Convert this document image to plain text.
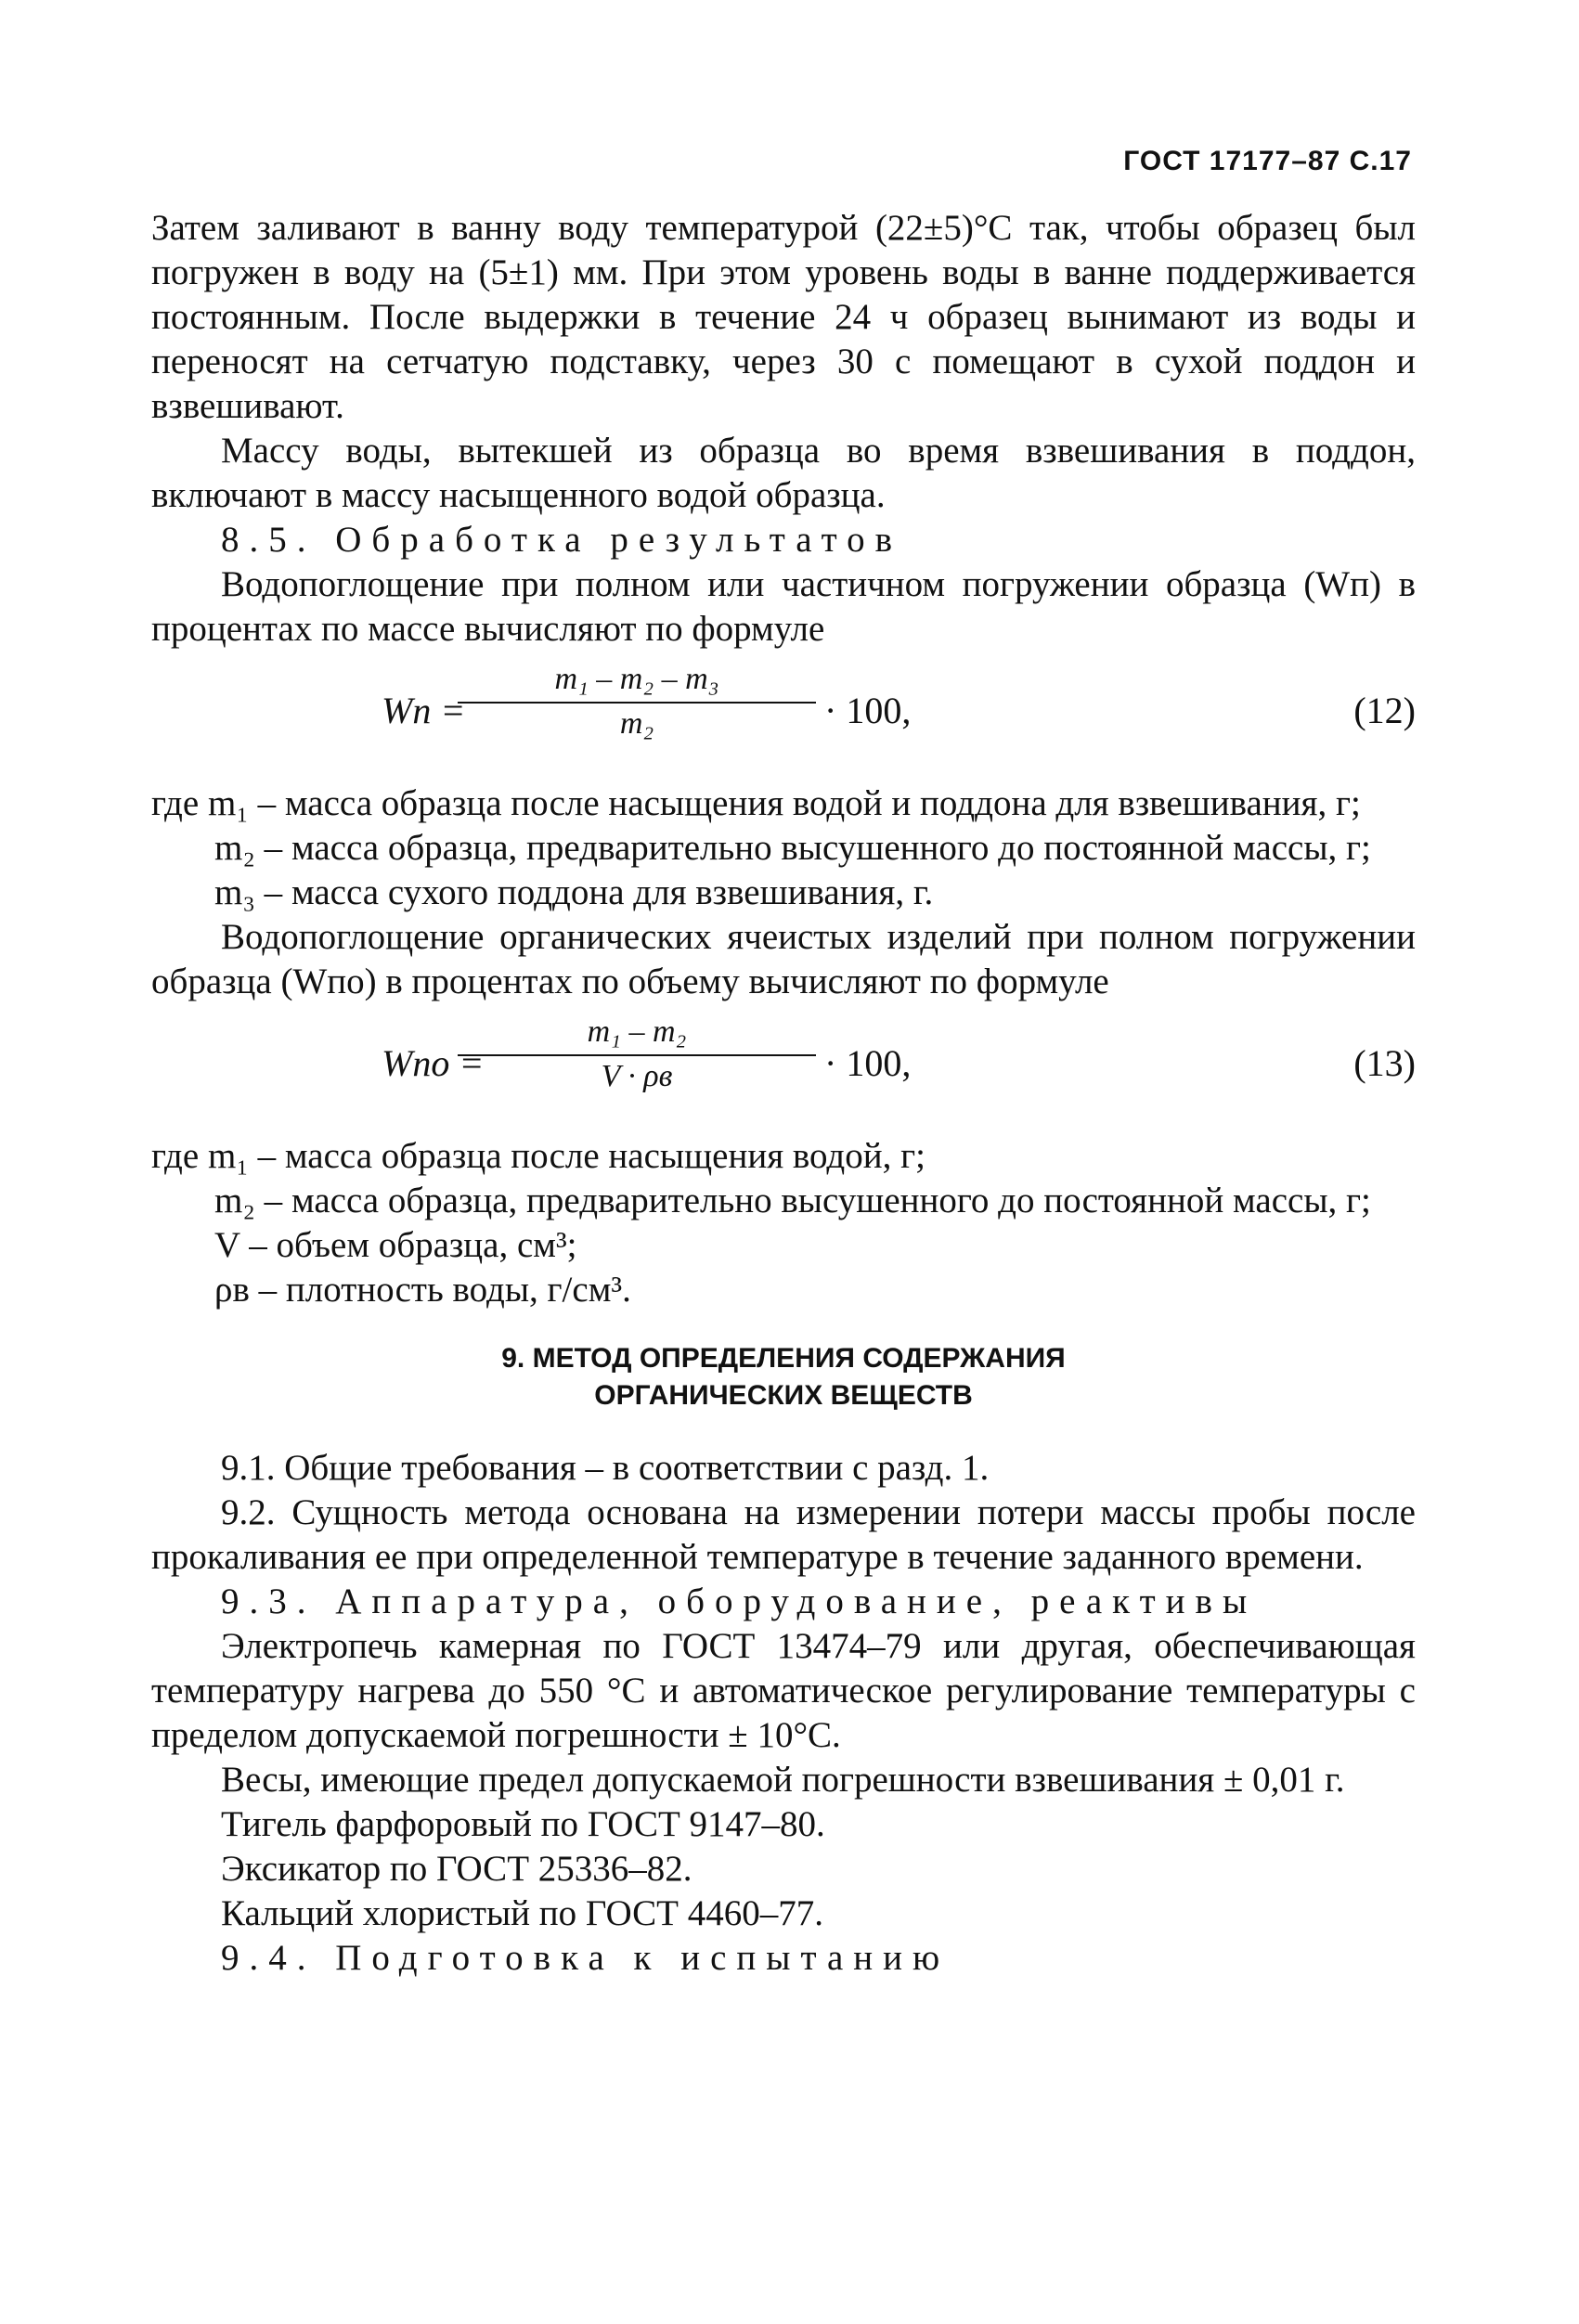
ГОСТ 17177–87 С.17

Затем заливают в ванну воду температурой (22±5)°С так, чтобы образец был погружен в воду на (5±1) мм. При этом уровень воды в ванне поддерживается постоянным. После выдержки в течение 24 ч образец вынимают из воды и переносят на сетчатую подставку, через 30 с помещают в сухой поддон и взвешивают.

Массу воды, вытекшей из образца во время взвешивания в поддон, включают в массу насыщенного водой образца.

8.5. Обработка результатов

Водопоглощение при полном или частичном погружении образца (Wп) в процентах по массе вычисляют по формуле

Wп =
$\frac{\text{m₁ – m₂ – m₃}}{\text{m₂}} \cdot 100$,	(12)
где m₁ – масса образца после насыщения водой и поддона для взвешивания, г;
m₂ – масса образца, предварительно высушенного до постоянной массы, г;
m₃ – масса сухого поддона для взвешивания, г.

Водопоглощение органических ячеистых изделий при полном погружении образца (Wпо) в процентах по объему вычисляют по формуле

Wпо =
m₁ – m₂
V · ρв	· 100,	(13)
где m₁ – масса образца после насыщения водой, г;
m₂ – масса образца, предварительно высушенного до постоянной массы, г;
V – объем образца, см³;
ρв – плотность воды, г/см³.
9. МЕТОД ОПРЕДЕЛЕНИЯ СОДЕРЖАНИЯ
ОРГАНИЧЕСКИХ ВЕЩЕСТВ

9.1. Общие требования – в соответствии с разд. 1.

9.2. Сущность метода основана на измерении потери массы пробы после прокаливания ее при определенной температуре в течение заданного времени.

9.3. Аппаратура, оборудование, реактивы

Электропечь камерная по ГОСТ 13474–79 или другая, обеспечивающая температуру нагрева до 550 °С и автоматическое регулирование температуры с пределом допускаемой погрешности ± 10°С.

Весы, имеющие предел допускаемой погрешности взвешивания ± 0,01 г.

Тигель фарфоровый по ГОСТ 9147–80.

Эксикатор по ГОСТ 25336–82.

Кальций хлористый по ГОСТ 4460–77.

9.4. Подготовка к испытанию
